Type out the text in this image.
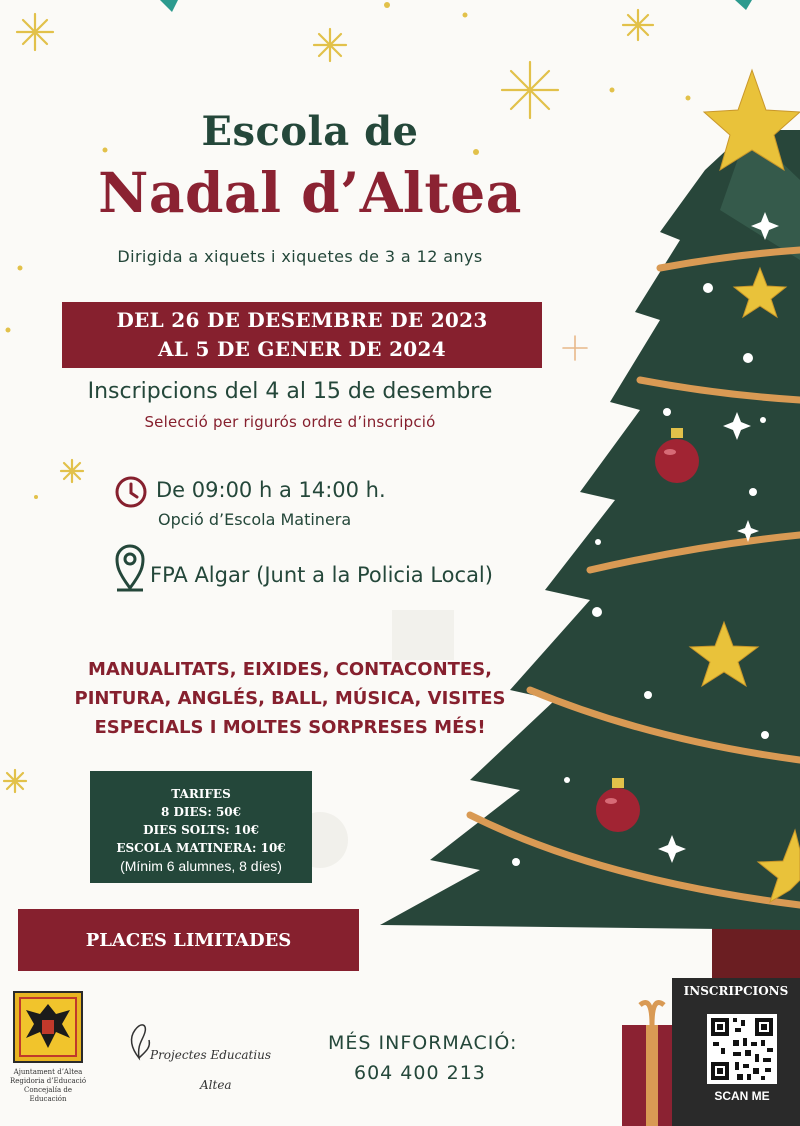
Escola de
Nadal d’Altea
Dirigida a xiquets i xiquetes de 3 a 12 anys
DEL 26 DE DESEMBRE DE 2023
AL 5 DE GENER DE 2024
Inscripcions del 4 al 15 de desembre
Selecció per rigurós ordre d’inscripció
De 09:00 h a 14:00 h.
Opció d’Escola Matinera
FPA Algar (Junt a la Policia Local)
MANUALITATS, EIXIDES, CONTACONTES,
PINTURA, ANGLÉS, BALL, MÚSICA, VISITES
ESPECIALS I MOLTES SORPRESES MÉS!
TARIFES
8 DIES: 50€
DIES SOLTS: 10€
ESCOLA MATINERA: 10€
(Mínim 6 alumnes, 8 díes)
PLACES LIMITADES
Ajuntament d’Altea
Regidoria d’Educació
Concejalía de Educación
Projectes Educatius
Altea
MÉS INFORMACIÓ:
604 400 213
INSCRIPCIONS
SCAN ME
